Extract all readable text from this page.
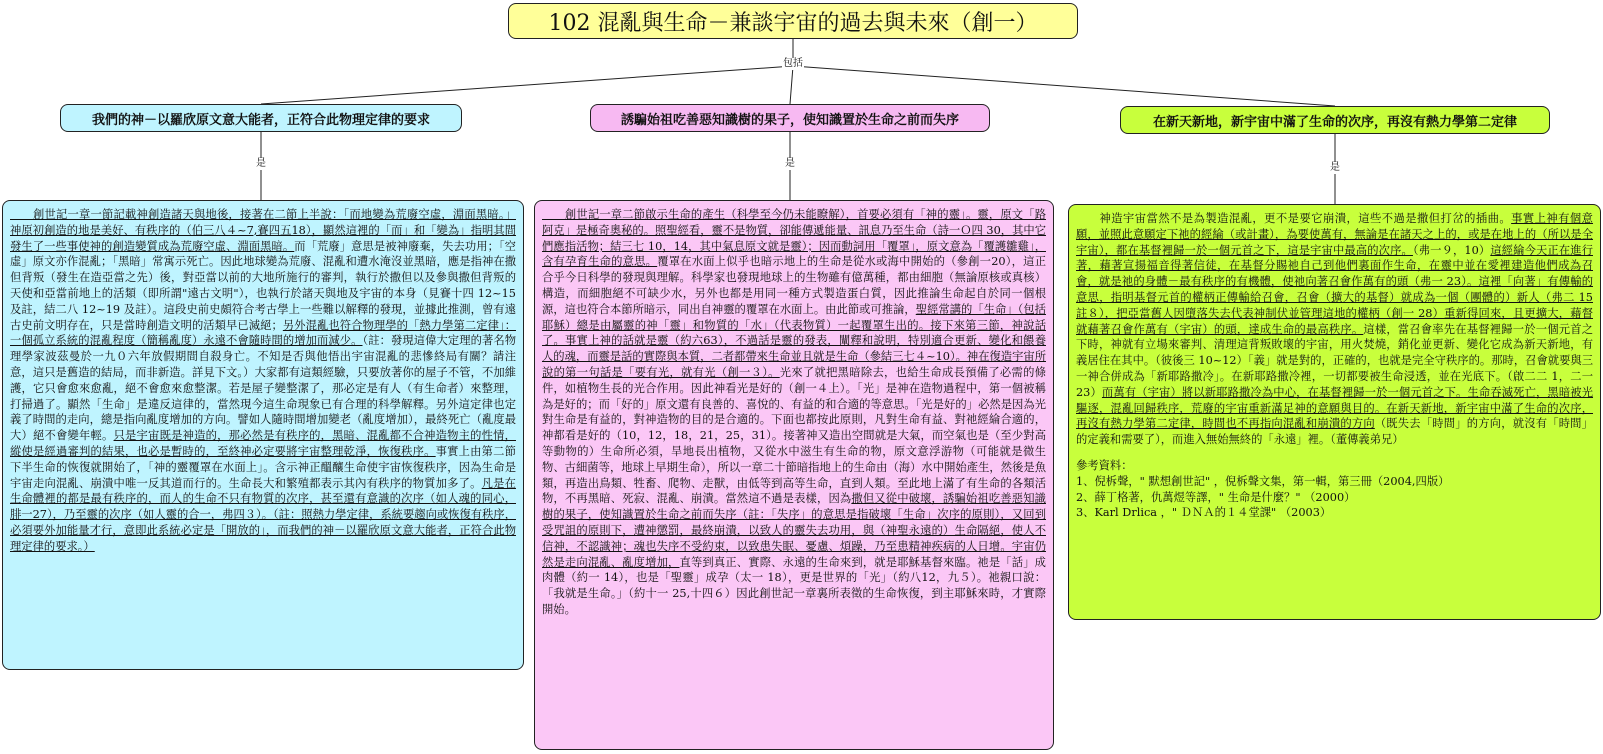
包括
是	是	是
102 混亂與生命－兼談宇宙的過去與未來（創一）
我們的神－以羅欣原文意大能者，正符合此物理定律的要求	誘騙始祖吃善惡知識樹的果子，使知識置於生命之前而失序	在新天新地，新宇宙中滿了生命的次序，再沒有熱力學第二定律
　　創世記一章一節記載神創造諸天與地後，接著在二節上半說：「而地變為荒廢空虛，淵面黑暗。」神原初創造的地是美好、有秩序的（伯三八４~7,賽四五18），顯然這裡的「而」和「變為」指明其間發生了一些事使神的創造變質成為荒廢空虛、淵面黑暗。而「荒廢」意思是被神廢棄，失去功用；「空虛」原文亦作混亂；「黑暗」常寓示死亡。因此地球變為荒廢、混亂和遭水淹沒並黑暗，應是指神在撒但背叛（發生在造亞當之先）後，對亞當以前的大地所施行的審判，執行於撒但以及參與撒但背叛的天使和亞當前地上的活類（即所謂"遠古文明"），也執行於諸天與地及宇宙的本身（見賽十四 12~15 及註，結二八 12~19 及註）。這段史前史頗符合考古學上一些難以解釋的發現，並據此推測，曾有遠古史前文明存在，只是當時創造文明的活類早已滅絕；另外混亂也符合物理學的「熱力學第二定律」：一個孤立系統的混亂程度（簡稱亂度）永遠不會隨時間的增加而減少。（註：發現這偉大定理的著名物理學家波茲曼於一九０六年放假期間自殺身亡。不知是否與他悟出宇宙混亂的悲慘終局有關？請注意，這只是舊造的結局，而非新造。詳見下文。）大家都有這類經驗，只要放著你的屋子不管，不加維護，它只會愈來愈亂，絕不會愈來愈整潔。若是屋子變整潔了，那必定是有人（有生命者）來整理，打掃過了。顯然「生命」是違反這律的，當然現今這生命現象已有合理的科學解釋。另外這定律也定義了時間的走向，總是指向亂度增加的方向。譬如人隨時間增加變老（亂度增加），最終死亡（亂度最大）絕不會變年輕。只是宇宙既是神造的，那必然是有秩序的，黑暗、混亂都不合神造物主的性情，縱使是經過審判的結果，也必是暫時的，至終神必定要將宇宙整理乾淨，恢復秩序。事實上由第二節下半生命的恢復就開始了，「神的靈覆罩在水面上」。含示神正醞釀生命使宇宙恢復秩序，因為生命是宇宙走向混亂、崩潰中唯一反其道而行的。生命長大和繁殖都表示其內有秩序的物質加多了。凡是在生命體裡的都是最有秩序的，而人的生命不只有物質的次序，甚至還有意識的次序（如人魂的同心，腓一27），乃至靈的次序（如人靈的合一，弗四３）。（註：照熱力學定律，系統要趨向或恢復有秩序，必須要外加能量才行，意即此系統必定是「開放的」，而我們的神－以羅欣原文意大能者，正符合此物理定律的要求。）
　　創世記一章二節啟示生命的產生（科學至今仍未能瞭解），首要必須有「神的靈」。靈，原文「路阿克」是極奇奧秘的。照聖經看，靈不是物質，卻能傳遞能量、訊息乃至生命（詩一Ｏ四 30，其中它們應指活物；結三七 10，14，其中氣息原文就是靈）；因而動詞用「覆罩」，原文意為「覆護雛雞」，含有孕育生命的意思。覆罩在水面上似乎也暗示地上的生命是從水或海中開始的（參創一20），這正合乎今日科學的發現與理解。科學家也發現地球上的生物雖有億萬種，都由細胞（無論原核或真核）構造，而細胞絕不可缺少水，另外也都是用同一種方式製造蛋白質，因此推論生命起自於同一個根源，這也符合本節所暗示，同出自神靈的覆罩在水面上。由此節或可推論，聖經常講的「生命」（包括耶穌）總是由屬靈的神「靈」和物質的「水」（代表物質）一起覆罩生出的。接下來第三節，神說話了。事實上神的話就是靈（約六63），不過話是靈的發表，闡釋和說明，特別適合更新、變化和餵養人的魂，而靈是話的實際與本質，二者都帶來生命並且就是生命（參結三七４~10）。神在復造宇宙所說的第一句話是「要有光，就有光（創一３）。光來了就把黑暗除去，也給生命成長預備了必需的條件，如植物生長的光合作用。因此神看光是好的（創一４上）。「光」是神在造物過程中，第一個被稱為是好的；而「好的」原文還有良善的、喜悅的、有益的和合適的等意思。「光是好的」必然是因為光對生命是有益的，對神造物的目的是合適的。下面也都按此原則，凡對生命有益、對祂經綸合適的，神都看是好的（10，12，18，21，25，31）。接著神又造出空間就是大氣，而空氣也是（至少對高等動物的）生命所必須，旱地長出植物，又從水中滋生有生命的物，原文意浮游物（可能就是微生物、古細菌等，地球上早期生命），所以一章二十節暗指地上的生命由（海）水中開始產生，然後是魚類，再造出鳥類、牲畜、爬物、走獸，由低等到高等生命，直到人類。至此地上滿了有生命的各類活物，不再黑暗、死寂、混亂、崩潰。當然這不過是表樣，因為撒但又從中破壞，誘騙始祖吃善惡知識樹的果子，使知識置於生命之前而失序（註：「失序」的意思是指破壞「生命」次序的原則），又回到受咒詛的原則下，遭神懲罰，最終崩潰，以致人的靈失去功用，與（神聖永遠的）生命隔絕，使人不信神，不認識神；魂也失序不受約束，以致患失眠、憂慮、煩躁，乃至患精神疾病的人日增。宇宙仍然是走向混亂、亂度增加，直等到真正、實際、永遠的生命來到，就是耶穌基督來臨。祂是「話」成肉體（約一 14），也是「聖靈」成孕（太一 18），更是世界的「光」（約八12，九５）。祂親口說：「我就是生命。」（約十一 25,十四６）因此創世記一章裏所表徵的生命恢復，到主耶穌來時，才實際開始。
　　神造宇宙當然不是為製造混亂，更不是要它崩潰，這些不過是撒但打岔的插曲。事實上神有個意願，並照此意願定下祂的經綸（或計畫），為要使萬有，無論是在諸天之上的，或是在地上的（所以是全宇宙），都在基督裡歸一於一個元首之下，這是宇宙中最高的次序。（弗一９，10）這經綸今天正在進行著，藉著宣揚福音得著信徒，在基督分賜祂自己到他們裏面作生命，在靈中並在愛裡建造他們成為召會，就是祂的身體－最有秩序的有機體，使祂向著召會作萬有的頭（弗一 23）。這裡「向著」有傳輸的意思，指明基督元首的權柄正傳輸給召會，召會（擴大的基督）就成為一個（團體的）新人（弗二 15 註８），把亞當舊人因墮落失去代表神制伏並管理這地的權柄（創一 28）重新得回來，且更擴大，藉督就藉著召會作萬有（宇宙）的頭，達成生命的最高秩序。這樣，當召會率先在基督裡歸一於一個元首之下時，神就有立場來審判、清理這背叛敗壞的宇宙，用火焚燒，銷化並更新、變化它成為新天新地，有義居住在其中。（彼後三 10~12）「義」就是對的，正確的，也就是完全守秩序的。那時，召會就要與三一神合併成為「新耶路撒冷」。在新耶路撒冷裡，一切都要被生命浸透，並在光底下。（啟二二 1，二一 23）而萬有（宇宙）將以新耶路撒冷為中心，在基督裡歸一於一個元首之下。生命吞滅死亡，黑暗被光驅逐，混亂回歸秩序，荒廢的宇宙重新滿足神的意願與目的。在新天新地，新宇宙中滿了生命的次序，再沒有熱力學第二定律，時間也不再指向混亂和崩潰的方向（既失去「時間」的方向，就沒有「時間」的定義和需要了），而進入無始無終的「永遠」裡。（董傳義弟兄）
參考資料：
1、倪柝聲，" 默想創世記" ，倪柝聲文集，第一輯，第三冊（2004,四版）
2、薛丁格著，仇萬煜等譯，" 生命是什麼？" （2000）
3、Karl Drlica ，" ＤＮＡ的１４堂課" （2003）
